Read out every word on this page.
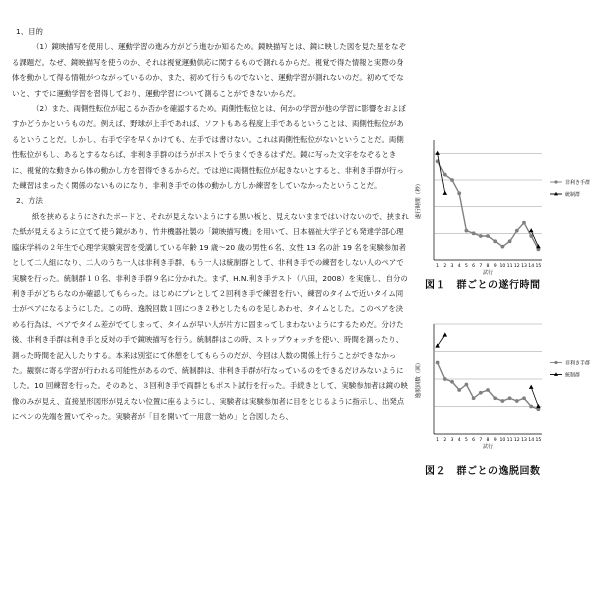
1、目的

（1）鏡映描写を使用し、運動学習の進み方がどう進むか知るため。鏡映描写とは、鏡に映した図を見た星をなぞる課題だ。なぜ、鏡映描写を使うのか、それは視覚運動供応に関するもので測れるからだ。視覚で得た情報と実際の身体を動かして得る情報がつながっているのか、また、初めて行うものでないと、運動学習が測れないのだ。初めてでないと、すでに運動学習を習得しており、運動学習について測ることができないからだ。

（2）また、両側性転位が起こるか否かを確認するため。両側性転位とは、何かの学習が他の学習に影響をおよぼすかどうかというものだ。例えば、野球が上手であれば、ソフトもある程度上手であるということは、両側性転位があるということだ。しかし、右手で字を早くかけても、左手では書けない。これは両側性転位がないということだ。両側性転位がもし、あるとするならば、非利き手群のほうがポストでうまくできるはずだ。鏡に写った文字をなぞるときに、視覚的な動きから体の動かし方を習得できるからだ。では逆に両側性転位が起きないとすると、非利き手群が行った練習はまったく関係のないものになり、非利き手での体の動かし方しか練習をしていなかったということだ。

2、方法

紙を挟めるようにされたボードと、それが見えないようにする黒い板と、見えないままではいけないので、挟まれた紙が見えるように立てて使う鏡があり、竹井機器社製の「鏡映描写機」を用いて、日本福祉大学子ども発達学部心理臨床学科の２年生で心理学実験実習を受講している年齢 19 歳～20 歳の男性６名、女性 13 名の計 19 名を実験参加者として二人組になり、二人のうち一人は非利き手群、もう一人は統制群として、非利き手での練習をしない人のペアで実験を行った。統制群１０名、非利き手群９名に分かれた。まず、H.N.利き手テスト（八田，2008）を実施し、自分の利き手がどちらなのか確認してもらった。はじめにプレとして２回利き手で練習を行い、練習のタイムで近いタイム同士がペアになるようにした。この時、逸脱回数１回につき２秒としたものを足しあわせ、タイムとした。このペアを決める行為は、ペアでタイム差がでてしまって、タイムが早い人が片方に固まってしまわないようにするためだ。分けた後、非利き手群は利き手と反対の手で鏡映描写を行う。統制群はこの時、ストップウォッチを使い、時間を測ったり、測った時間を記入したりする。本来は別室にて休憩をしてもらうのだが、今回は人数の関係上行うことができなかった。観察に寄る学習が行われる可能性があるので、統制群は、非利き手群が行なっているのをできるだけみないようにした。10 回練習を行った。そのあと、３回利き手で両群ともポスト試行を行った。手続きとして、実験参加者は鏡の映像のみが見え、直接星形図形が見えない位置に座るようにし、実験者は実験参加者に目をとじるように指示し、出発点にペンの先端を置いてやった。実験者が「目を開いて一用意一始め」と合図したら、

遂行時間（秒）
1 2 3 4 5 6 7 8 9 10 11 12 13 14 15
試行
非利き手群
統制群
図１　群ごとの遂行時間
逸脱回数（回）
1 2 3 4 5 6 7 8 9 10 11 12 13 14 15
試行
非利き手群
統制群
図２　群ごとの逸脱回数
